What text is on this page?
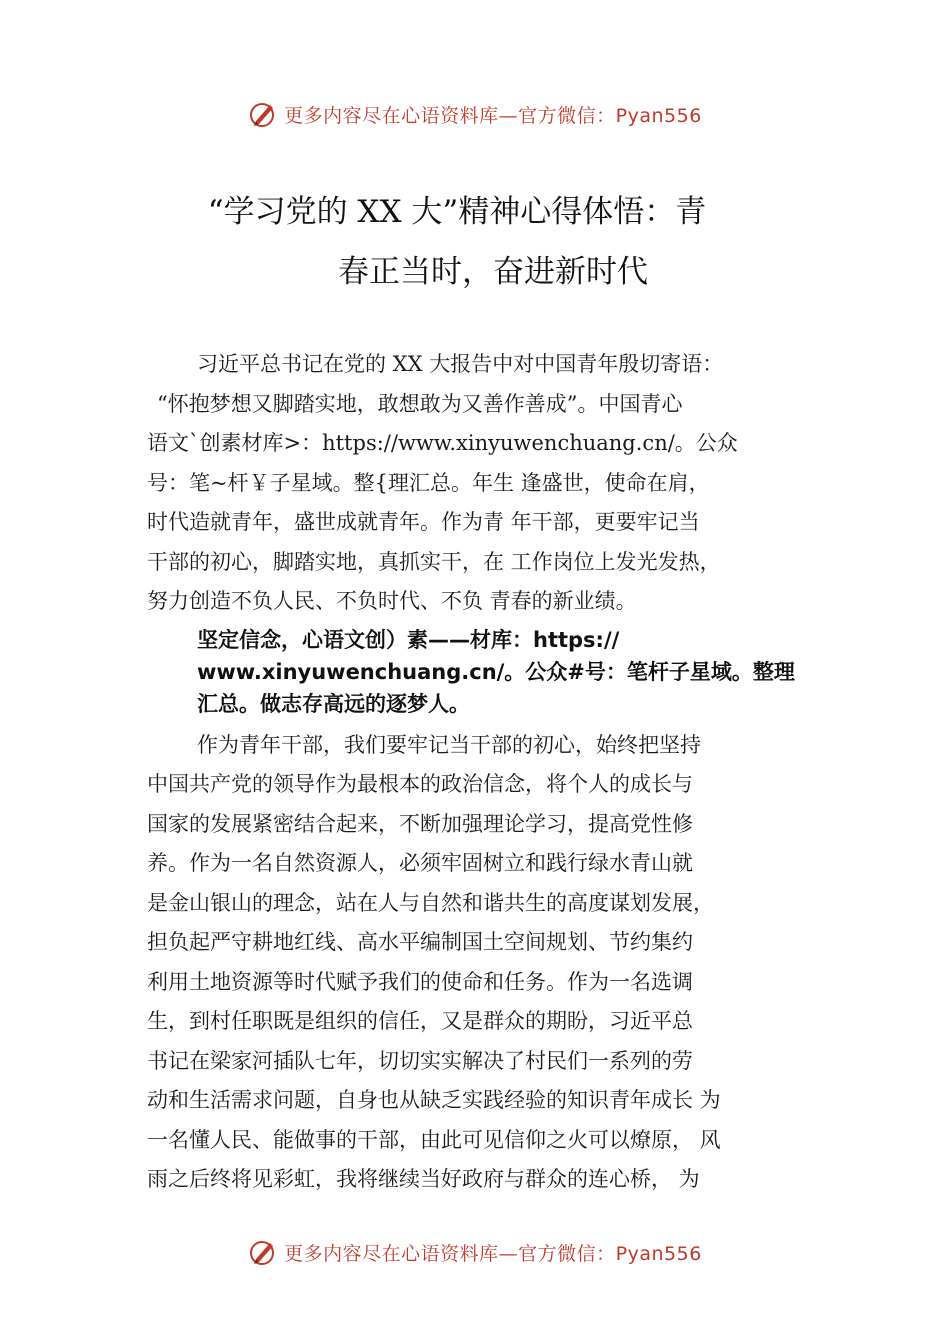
更多内容尽在心语资料库—官方微信：Pyan556
“学习党的 XX 大”精神心得体悟：青
春正当时，奋进新时代
习近平总书记在党的 XX 大报告中对中国青年殷切寄语：
“怀抱梦想又脚踏实地，敢想敢为又善作善成”。中国青心
语文`创素材库>：https://www.xinyuwenchuang.cn/。公众
号：笔~杆￥子星域。整{理汇总。年生 逢盛世，使命在肩，
时代造就青年，盛世成就青年。作为青 年干部，更要牢记当
干部的初心，脚踏实地，真抓实干，在 工作岗位上发光发热，
努力创造不负人民、不负时代、不负 青春的新业绩。
坚定信念，心语文创）素——材库：https://
www.xinyuwenchuang.cn/。公众#号：笔杆子星域。整理
汇总。做志存高远的逐梦人。
作为青年干部，我们要牢记当干部的初心，始终把坚持
中国共产党的领导作为最根本的政治信念，将个人的成长与
国家的发展紧密结合起来，不断加强理论学习，提高党性修
养。作为一名自然资源人，必须牢固树立和践行绿水青山就
是金山银山的理念，站在人与自然和谐共生的高度谋划发展，
担负起严守耕地红线、高水平编制国土空间规划、节约集约
利用土地资源等时代赋予我们的使命和任务。作为一名选调
生，到村任职既是组织的信任，又是群众的期盼，习近平总
书记在梁家河插队七年，切切实实解决了村民们一系列的劳
动和生活需求问题，自身也从缺乏实践经验的知识青年成长 为
一名懂人民、能做事的干部，由此可见信仰之火可以燎原， 风
雨之后终将见彩虹，我将继续当好政府与群众的连心桥， 为
更多内容尽在心语资料库—官方微信：Pyan556
